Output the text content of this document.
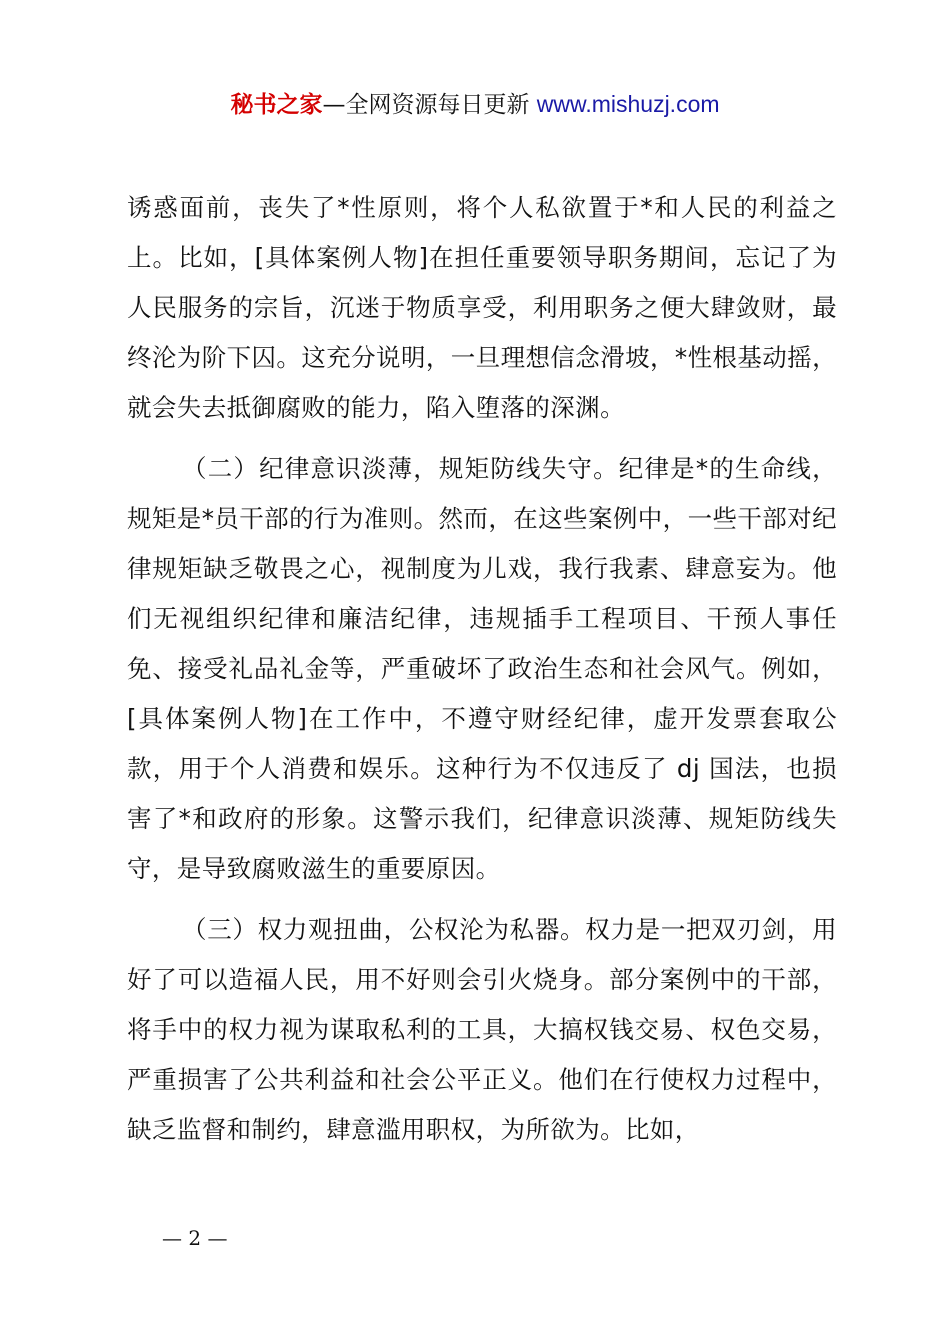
秘书之家—全网资源每日更新 www.mishuzj.com

诱惑面前，丧失了*性原则，将个人私欲置于*和人民的利益之上。比如，[具体案例人物]在担任重要领导职务期间，忘记了为人民服务的宗旨，沉迷于物质享受，利用职务之便大肆敛财，最终沦为阶下囚。这充分说明，一旦理想信念滑坡，*性根基动摇，就会失去抵御腐败的能力，陷入堕落的深渊。

（二）纪律意识淡薄，规矩防线失守。纪律是*的生命线，规矩是*员干部的行为准则。然而，在这些案例中，一些干部对纪律规矩缺乏敬畏之心，视制度为儿戏，我行我素、肆意妄为。他们无视组织纪律和廉洁纪律，违规插手工程项目、干预人事任免、接受礼品礼金等，严重破坏了政治生态和社会风气。例如，[具体案例人物]在工作中，不遵守财经纪律，虚开发票套取公款，用于个人消费和娱乐。这种行为不仅违反了 dj 国法，也损害了*和政府的形象。这警示我们，纪律意识淡薄、规矩防线失守，是导致腐败滋生的重要原因。

（三）权力观扭曲，公权沦为私器。权力是一把双刃剑，用好了可以造福人民，用不好则会引火烧身。部分案例中的干部，将手中的权力视为谋取私利的工具，大搞权钱交易、权色交易，严重损害了公共利益和社会公平正义。他们在行使权力过程中，缺乏监督和制约，肆意滥用职权，为所欲为。比如，

— 2 —
